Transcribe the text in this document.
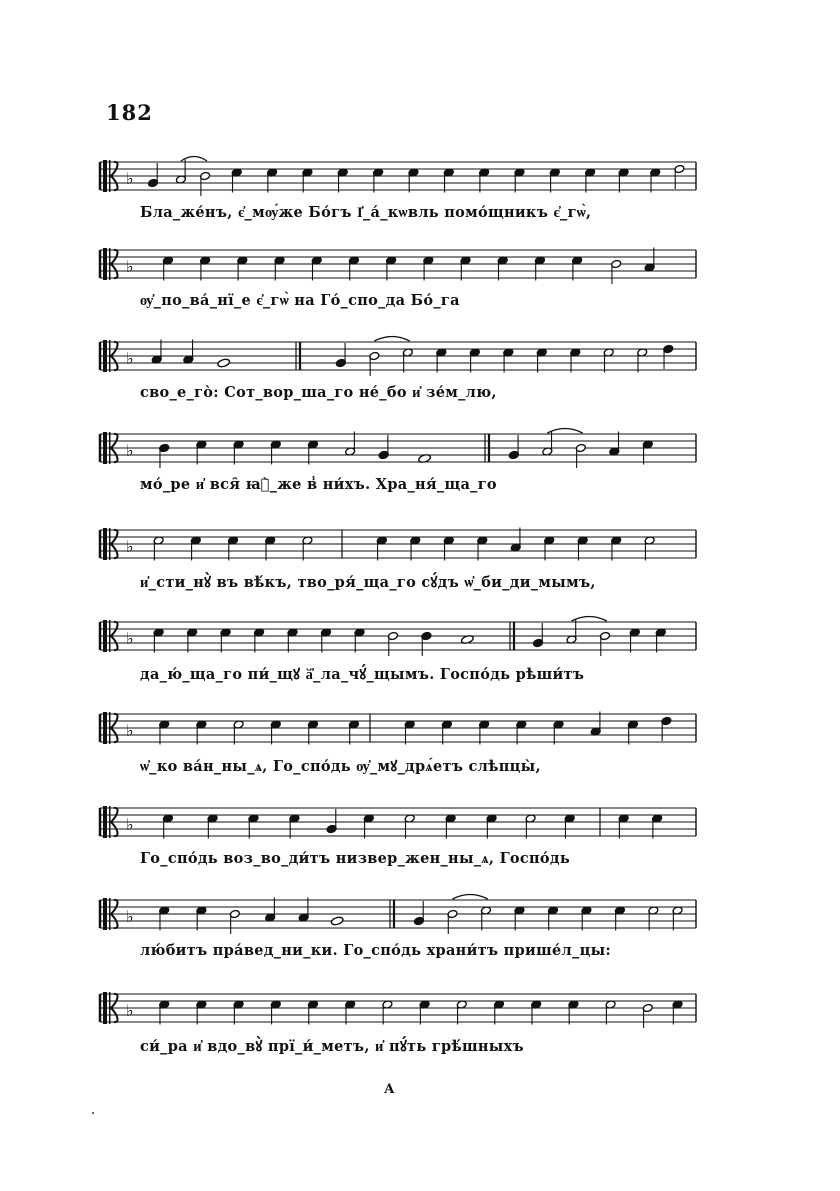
182
♭
Бла_же́нъ, є҆_мѹ́же Бо́гъ І҆_а́_кѡвль помо́щникъ є҆_гѡ̀,
♭
ѹ҆_по_ва́_нї_е є҆_гѡ̀ на Го́_спо_да Бо́_га
♭
сво_е_го̀: Сот_вор_ша_го не́_бо и҆ зе́м_лю,
♭
мо́_ре и҆ вся̑ ꙗ҆̀_же в̾ ни́хъ. Хра_ня́_ща_го
♭
и҆_сти_нꙋ̀ въ вѣ́къ, тво_ря́_ща_го сꙋ́дъ ѡ҆_би_ди_мымъ,
♭
да_ю́_ща_го пи́_щꙋ ӑ҆_ла_чꙋ́_щымъ. Госпо́дь рѣши́тъ
♭
ѡ҆_ко ва́н_ны_ѧ, Го_спо́дь ѹ҆_мꙋ_дрѧ́етъ слѣпцы̀,
♭
Го_спо́дь воз_во_ди́тъ низвер_жен_ны_ѧ, Госпо́дь
♭
лю́битъ пра́вед_ни_ки. Го_спо́дь храни́тъ прише́л_цы:
♭
си́_ра и҆ вдо_вꙋ̀ прї_и́_метъ, и҆ пꙋ́ть грѣ́шныхъ
А
